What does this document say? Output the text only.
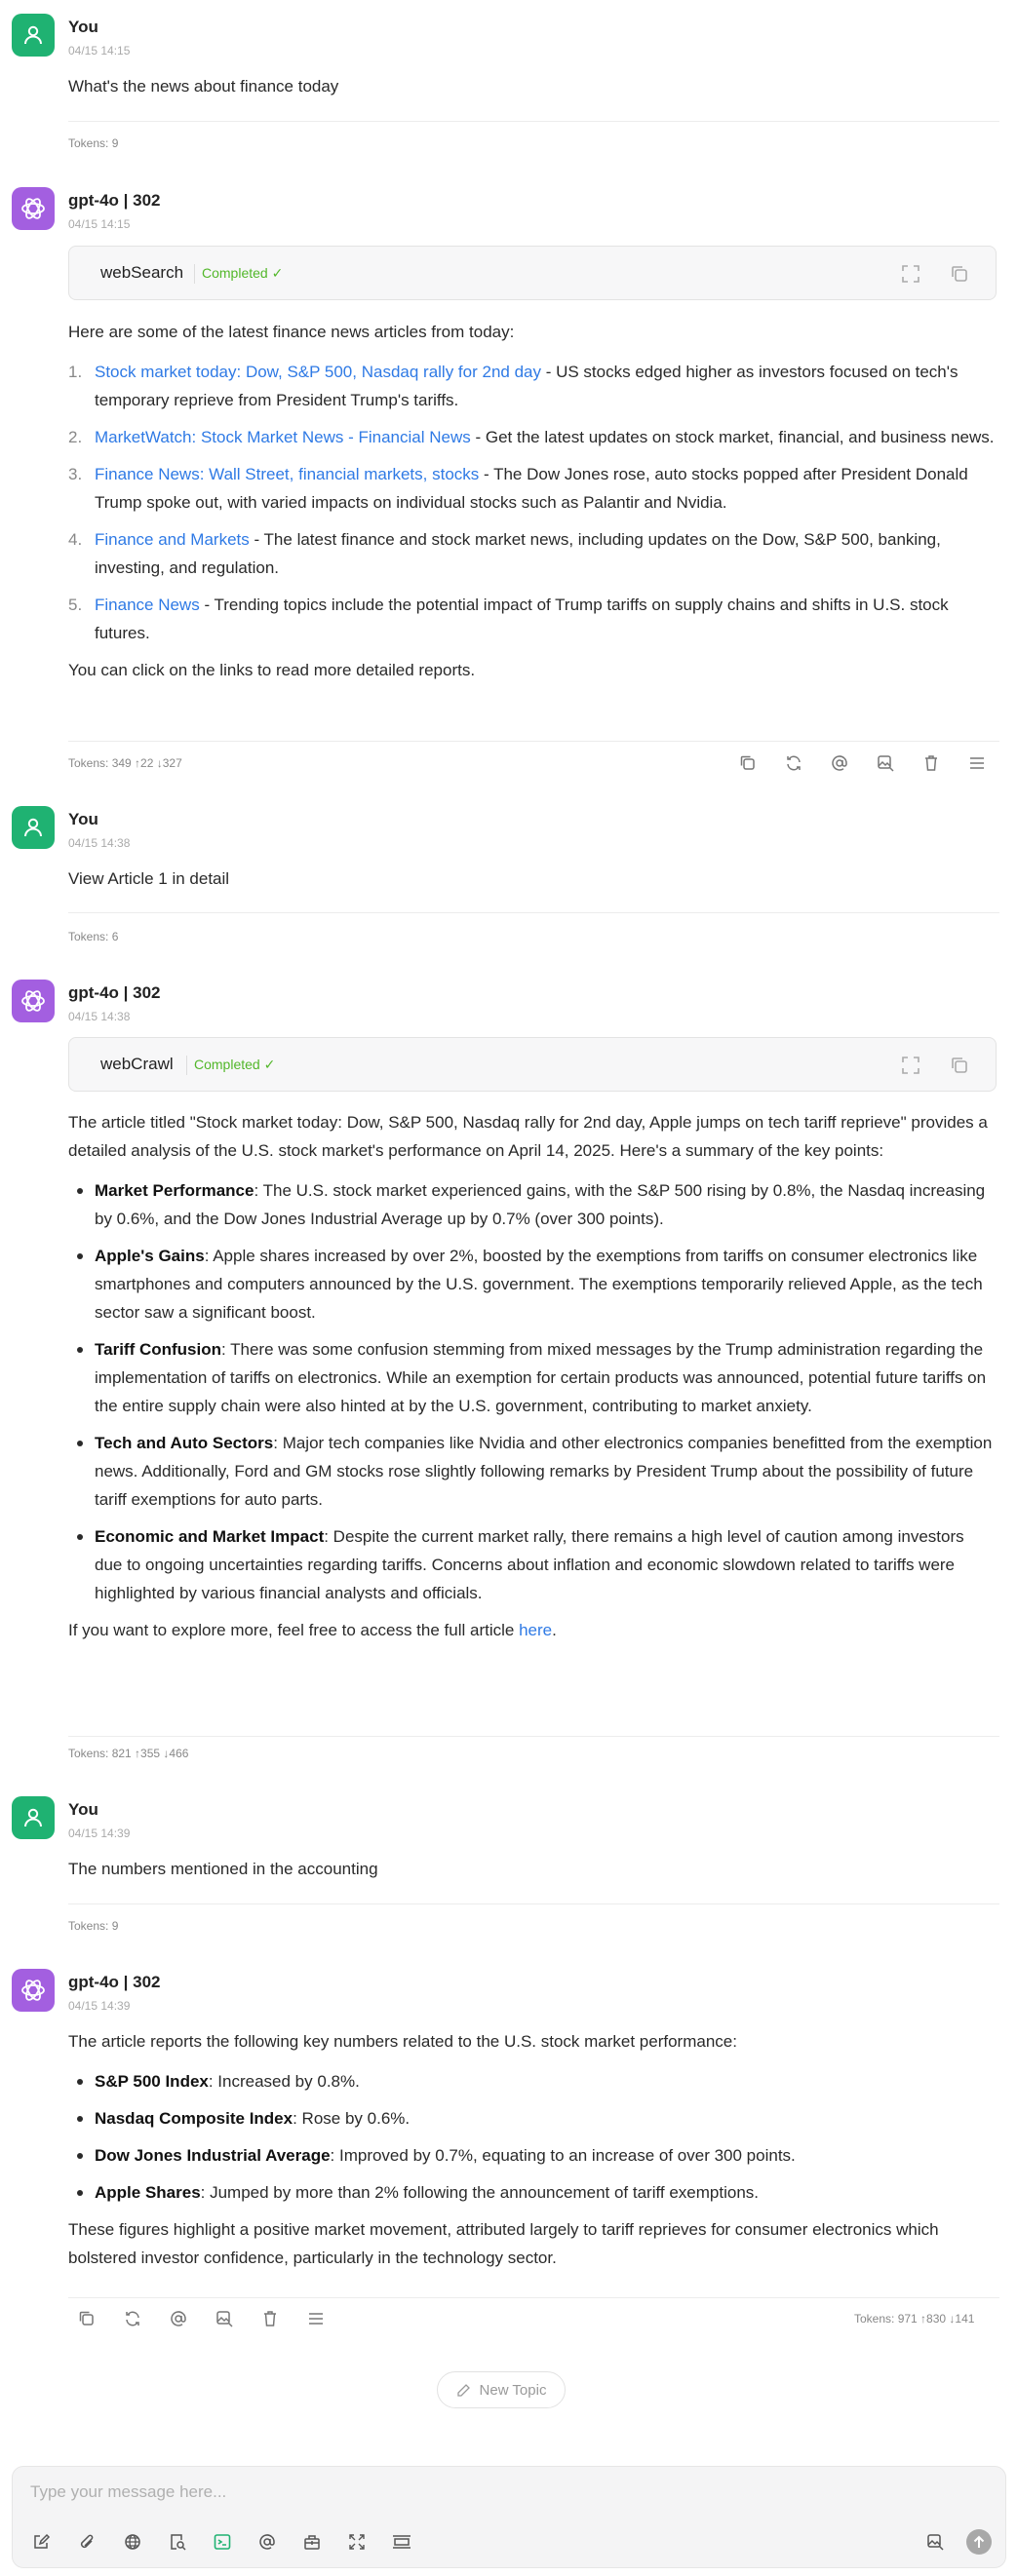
You
04/15 14:15
What's the news about finance today
Tokens: 9
gpt-4o | 302
04/15 14:15
webSearch Completed ✓

Here are some of the latest finance news articles from today:

1. Stock market today: Dow, S&P 500, Nasdaq rally for 2nd day - US stocks edged higher as investors focused on tech's temporary reprieve from President Trump's tariffs.
2. MarketWatch: Stock Market News - Financial News - Get the latest updates on stock market, financial, and business news.
3. Finance News: Wall Street, financial markets, stocks - The Dow Jones rose, auto stocks popped after President Donald Trump spoke out, with varied impacts on individual stocks such as Palantir and Nvidia.
4. Finance and Markets - The latest finance and stock market news, including updates on the Dow, S&P 500, banking, investing, and regulation.
5. Finance News - Trending topics include the potential impact of Trump tariffs on supply chains and shifts in U.S. stock futures.

You can click on the links to read more detailed reports.

Tokens: 349 ↑22 ↓327
You
04/15 14:38
View Article 1 in detail
Tokens: 6
gpt-4o | 302
04/15 14:38
webCrawl Completed ✓

The article titled "Stock market today: Dow, S&P 500, Nasdaq rally for 2nd day, Apple jumps on tech tariff reprieve" provides a detailed analysis of the U.S. stock market's performance on April 14, 2025. Here's a summary of the key points:

Market Performance: The U.S. stock market experienced gains, with the S&P 500 rising by 0.8%, the Nasdaq increasing by 0.6%, and the Dow Jones Industrial Average up by 0.7% (over 300 points).
Apple's Gains: Apple shares increased by over 2%, boosted by the exemptions from tariffs on consumer electronics like smartphones and computers announced by the U.S. government. The exemptions temporarily relieved Apple, as the tech sector saw a significant boost.
Tariff Confusion: There was some confusion stemming from mixed messages by the Trump administration regarding the implementation of tariffs on electronics. While an exemption for certain products was announced, potential future tariffs on the entire supply chain were also hinted at by the U.S. government, contributing to market anxiety.
Tech and Auto Sectors: Major tech companies like Nvidia and other electronics companies benefitted from the exemption news. Additionally, Ford and GM stocks rose slightly following remarks by President Trump about the possibility of future tariff exemptions for auto parts.
Economic and Market Impact: Despite the current market rally, there remains a high level of caution among investors due to ongoing uncertainties regarding tariffs. Concerns about inflation and economic slowdown related to tariffs were highlighted by various financial analysts and officials.

If you want to explore more, feel free to access the full article here.

Tokens: 821 ↑355 ↓466
You
04/15 14:39
The numbers mentioned in the accounting
Tokens: 9
gpt-4o | 302
04/15 14:39

The article reports the following key numbers related to the U.S. stock market performance:

S&P 500 Index: Increased by 0.8%.
Nasdaq Composite Index: Rose by 0.6%.
Dow Jones Industrial Average: Improved by 0.7%, equating to an increase of over 300 points.
Apple Shares: Jumped by more than 2% following the announcement of tariff exemptions.

These figures highlight a positive market movement, attributed largely to tariff reprieves for consumer electronics which bolstered investor confidence, particularly in the technology sector.

Tokens: 971 ↑830 ↓141
New Topic
Type your message here...
